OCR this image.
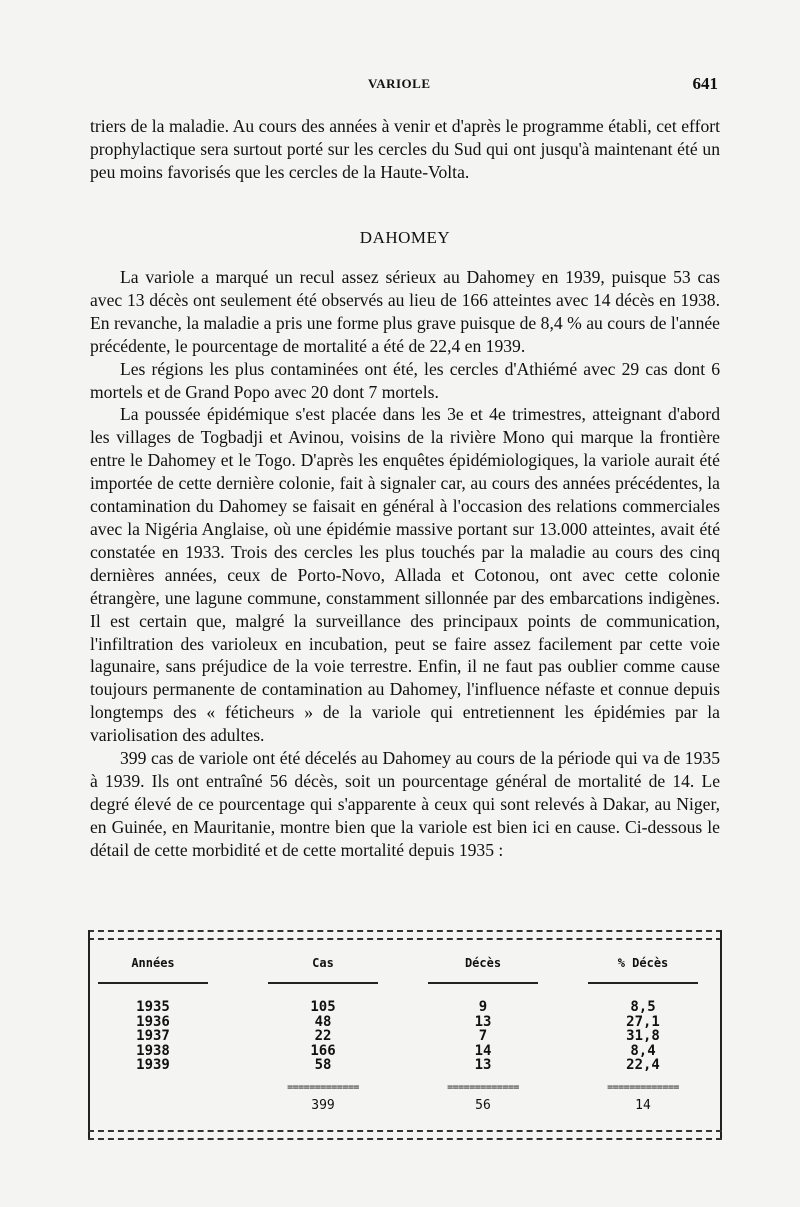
VARIOLE	641

triers de la maladie. Au cours des années à venir et d'après le programme établi, cet effort prophylactique sera surtout porté sur les cercles du Sud qui ont jusqu'à maintenant été un peu moins favorisés que les cercles de la Haute-Volta.

DAHOMEY

La variole a marqué un recul assez sérieux au Dahomey en 1939, puisque 53 cas avec 13 décès ont seulement été observés au lieu de 166 atteintes avec 14 décès en 1938. En revanche, la maladie a pris une forme plus grave puisque de 8,4 % au cours de l'année précédente, le pourcentage de mortalité a été de 22,4 en 1939.

Les régions les plus contaminées ont été, les cercles d'Athiémé avec 29 cas dont 6 mortels et de Grand Popo avec 20 dont 7 mortels.

La poussée épidémique s'est placée dans les 3e et 4e trimestres, atteignant d'abord les villages de Togbadji et Avinou, voisins de la rivière Mono qui marque la frontière entre le Dahomey et le Togo. D'après les enquêtes épidémiologiques, la variole aurait été importée de cette dernière colonie, fait à signaler car, au cours des années précédentes, la contamination du Dahomey se faisait en général à l'occasion des relations commerciales avec la Nigéria Anglaise, où une épidémie massive portant sur 13.000 atteintes, avait été constatée en 1933. Trois des cercles les plus touchés par la maladie au cours des cinq dernières années, ceux de Porto-Novo, Allada et Cotonou, ont avec cette colonie étrangère, une lagune commune, constamment sillonnée par des embarcations indigènes. Il est certain que, malgré la surveillance des principaux points de communication, l'infiltration des varioleux en incubation, peut se faire assez facilement par cette voie lagunaire, sans préjudice de la voie terrestre. Enfin, il ne faut pas oublier comme cause toujours permanente de contamination au Dahomey, l'influence néfaste et connue depuis longtemps des « féticheurs » de la variole qui entretiennent les épidémies par la variolisation des adultes.

399 cas de variole ont été décelés au Dahomey au cours de la période qui va de 1935 à 1939. Ils ont entraîné 56 décès, soit un pourcentage général de mortalité de 14. Le degré élevé de ce pourcentage qui s'apparente à ceux qui sont relevés à Dakar, au Niger, en Guinée, en Mauritanie, montre bien que la variole est bien ici en cause. Ci-dessous le détail de cette morbidité et de cette mortalité depuis 1935 :

Années
1935
1936
1937
1938
1939
Cas
105
48
22
166
58
=============
399
Décès
9
13
7
14
13
=============
56
% Décès
8,5
27,1
31,8
8,4
22,4
=============
14
